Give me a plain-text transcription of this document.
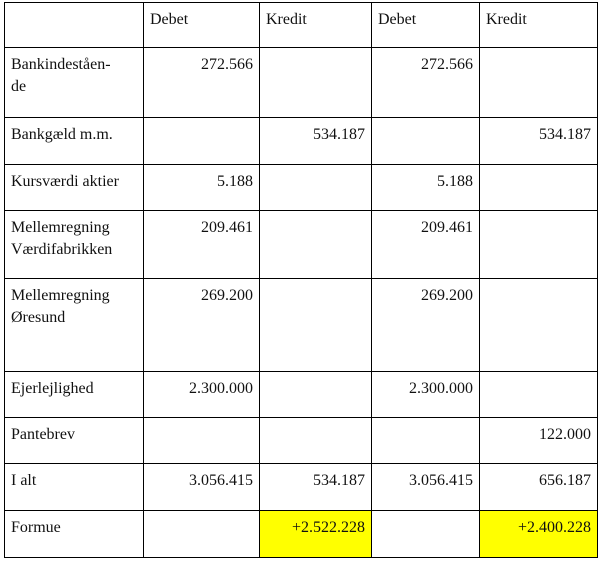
	Debet	Kredit	Debet	Kredit

Bankindeståen-
de	272.566		272.566	

Bankgæld m.m.		534.187		534.187

Kursværdi aktier	5.188		5.188	

Mellemregning
Værdifabrikken	209.461		209.461	

Mellemregning
Øresund	269.200		269.200	

Ejerlejlighed	2.300.000		2.300.000	

Pantebrev				122.000

I alt	3.056.415	534.187	3.056.415	656.187

Formue		+2.522.228		+2.400.228
